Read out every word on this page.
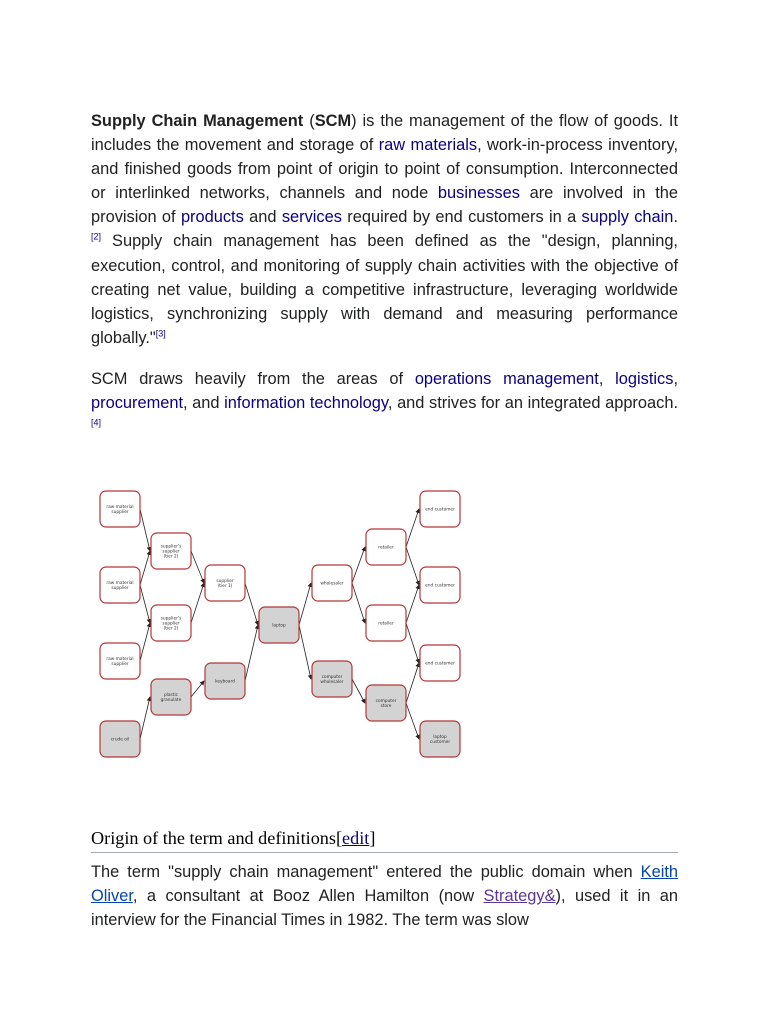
Supply Chain Management (SCM) is the management of the flow of goods. It includes the movement and storage of raw materials, work-in-process inventory, and finished goods from point of origin to point of consumption. Interconnected or interlinked networks, channels and node businesses are involved in the provision of products and services required by end customers in a supply chain. [2] Supply chain management has been defined as the "design, planning, execution, control, and monitoring of supply chain activities with the objective of creating net value, building a competitive infrastructure, leveraging worldwide logistics, synchronizing supply with demand and measuring performance globally."[3]

SCM draws heavily from the areas of operations management, logistics, procurement, and information technology, and strives for an integrated approach.[4]

raw material
supplier
raw material
supplier
raw material
supplier
crude oil
supplier's
supplier
(tier 2)
supplier's
supplier
(tier 2)
plastic
granulate
supplier
(tier 1)
keyboard
laptop
wholesaler
computer
wholesaler
retailer
retailer
computer
store
end customer
end customer
end customer
laptop
customer
Origin of the term and definitions[edit]

The term "supply chain management" entered the public domain when Keith Oliver, a consultant at Booz Allen Hamilton (now Strategy&), used it in an interview for the Financial Times in 1982. The term was slow
